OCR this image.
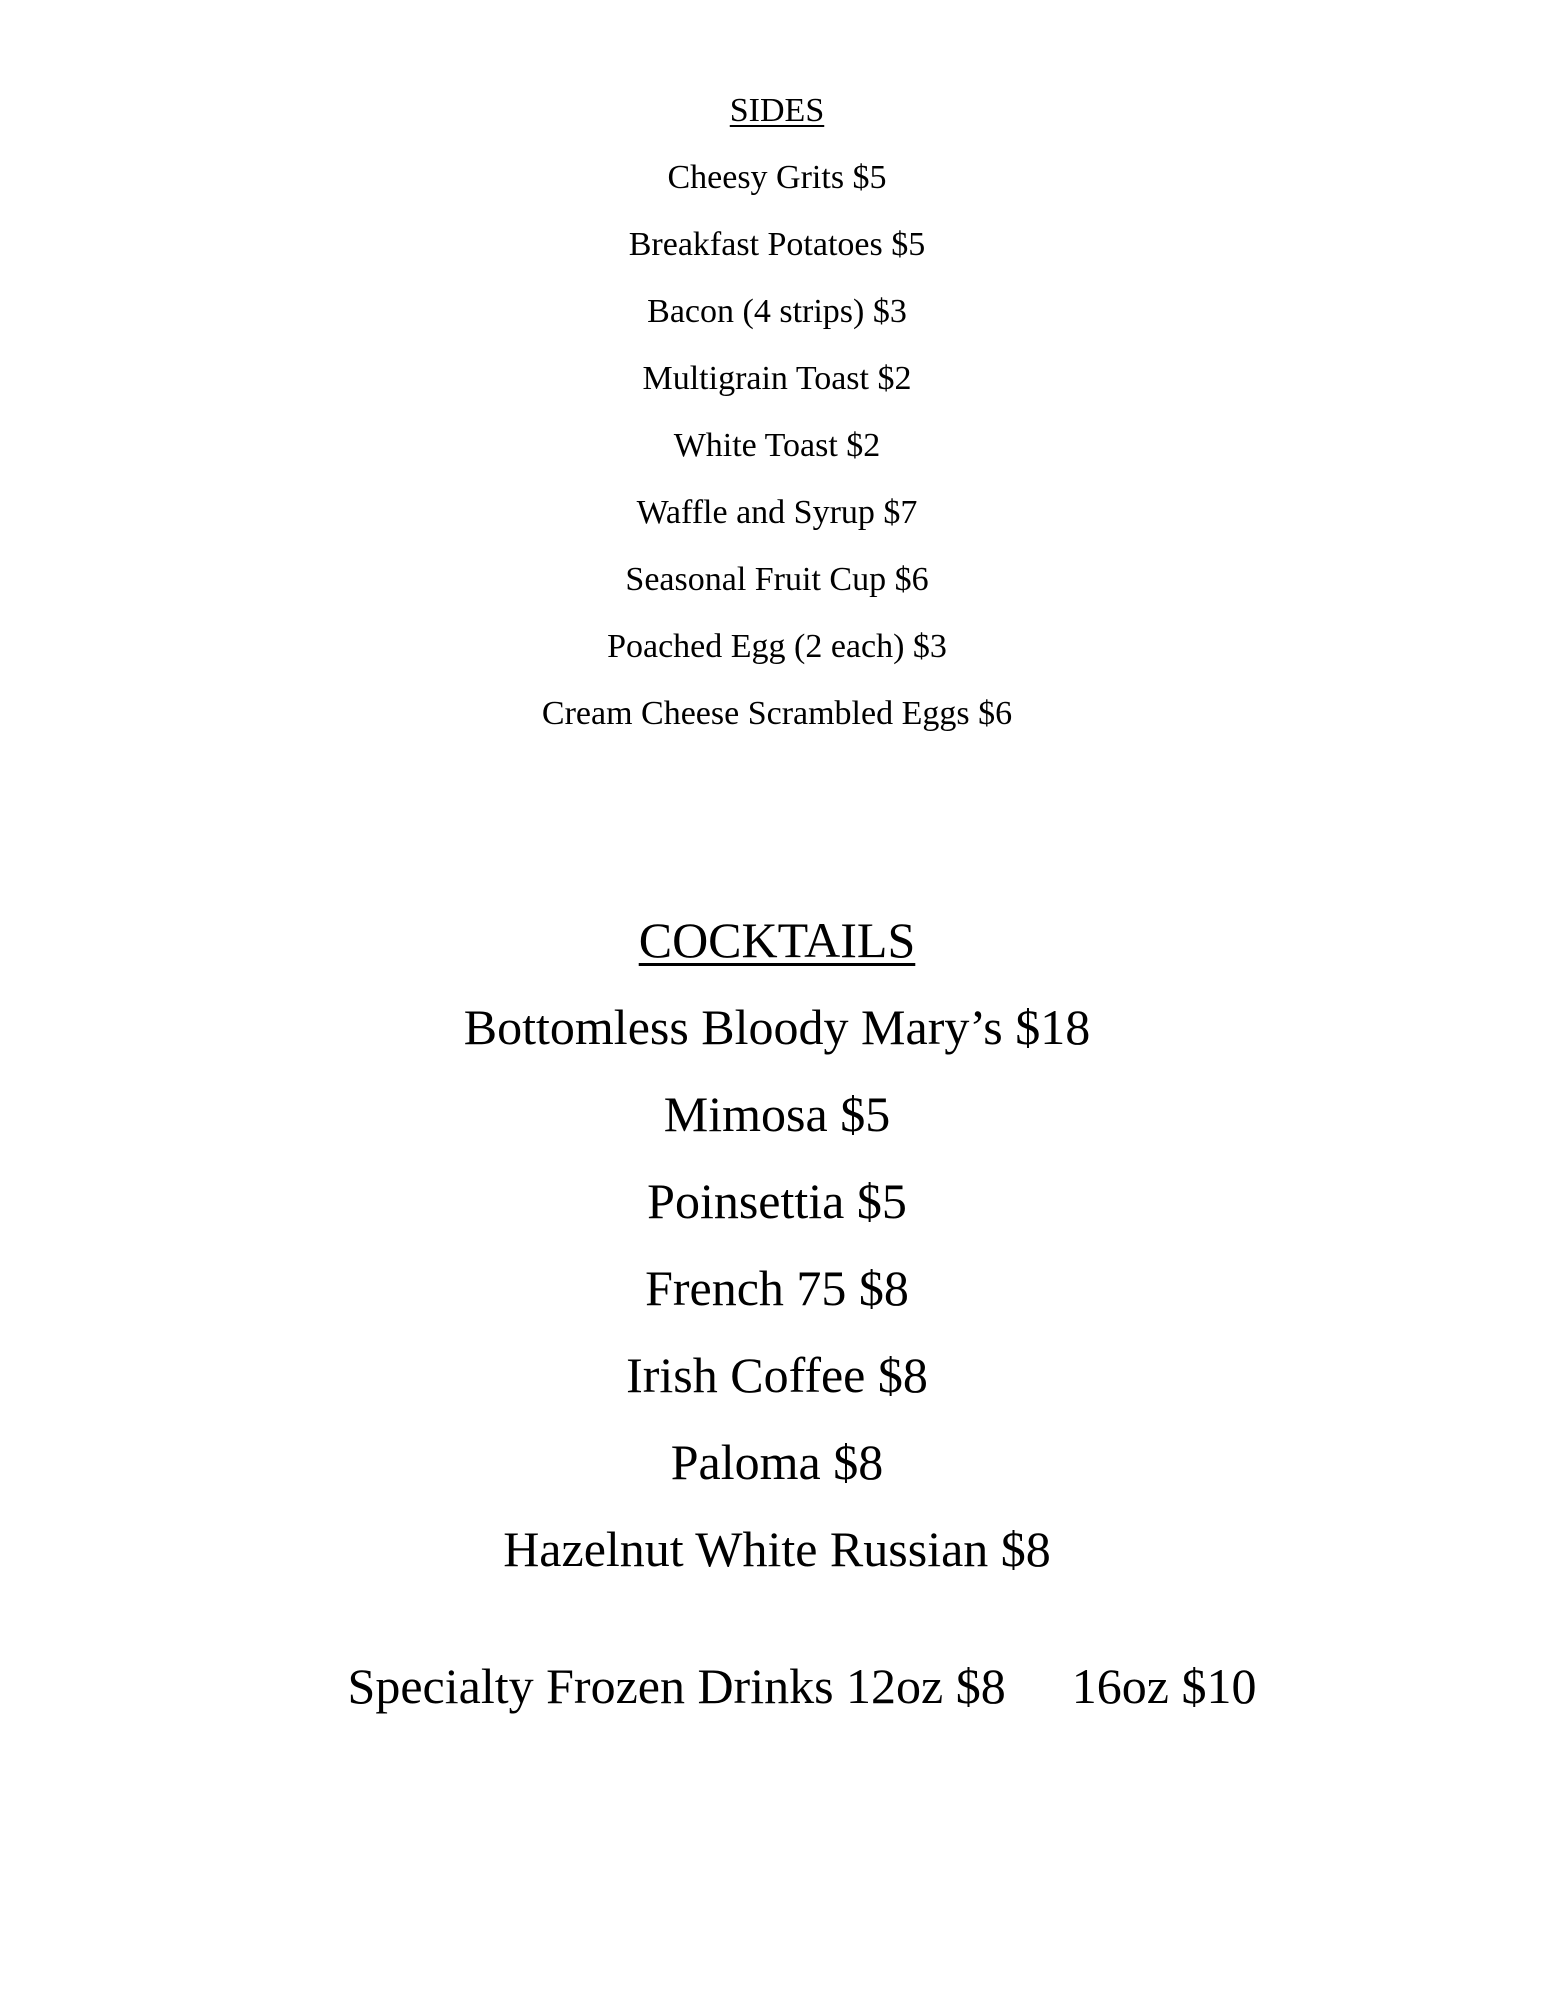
SIDES
Cheesy Grits $5
Breakfast Potatoes $5
Bacon (4 strips) $3
Multigrain Toast $2
White Toast $2
Waffle and Syrup $7
Seasonal Fruit Cup $6
Poached Egg (2 each) $3
Cream Cheese Scrambled Eggs $6
COCKTAILS
Bottomless Bloody Mary’s $18
Mimosa $5
Poinsettia $5
French 75 $8
Irish Coffee $8
Paloma $8
Hazelnut White Russian $8

Specialty Frozen Drinks 12oz $8 16oz $10
